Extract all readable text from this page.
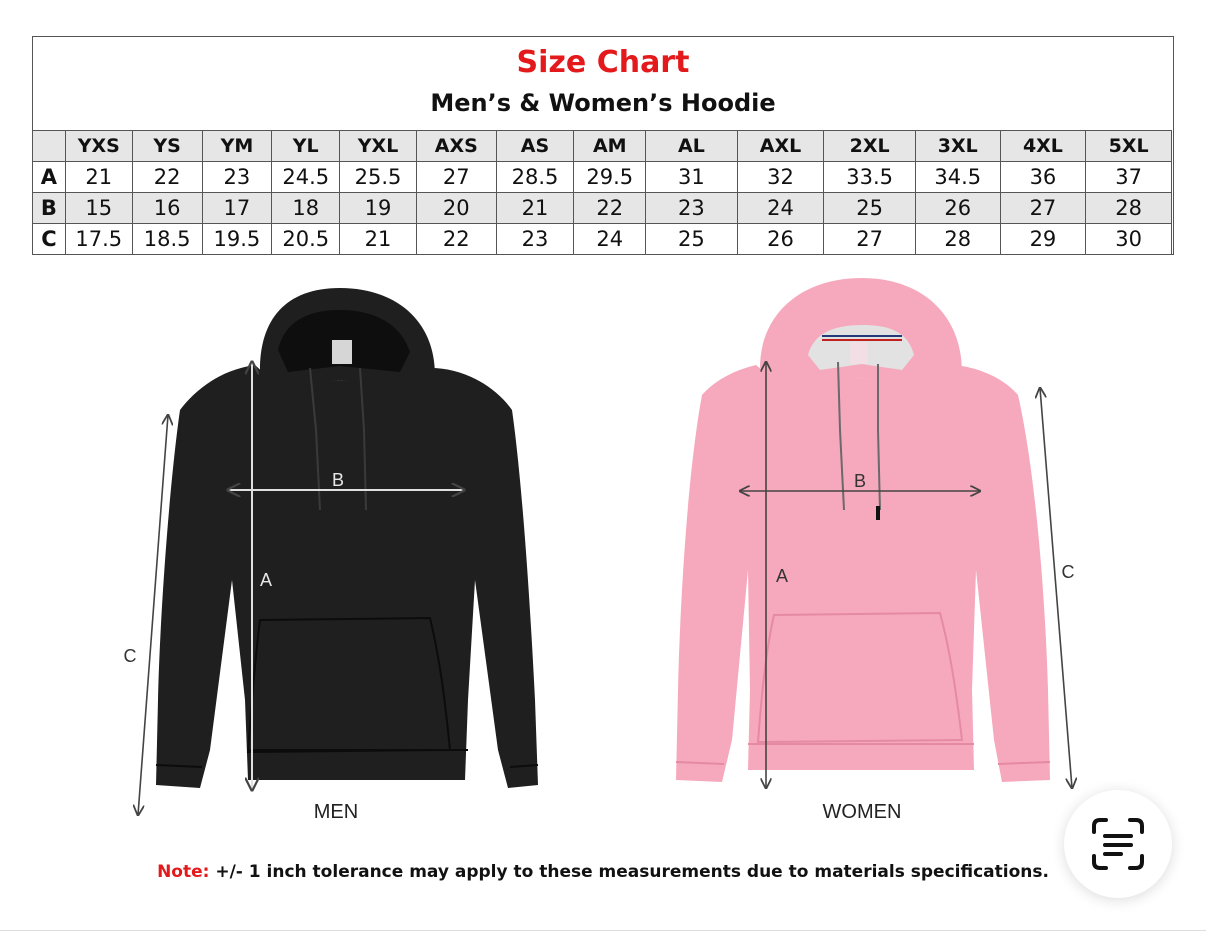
Size Chart
Men’s & Women’s Hoodie
	YXS	YS	YM	YL	YXL	AXS	AS	AM	AL	AXL	2XL	3XL	4XL	5XL
A	21	22	23	24.5	25.5	27	28.5	29.5	31	32	33.5	34.5	36	37
B	15	16	17	18	19	20	21	22	23	24	25	26	27	28
C	17.5	18.5	19.5	20.5	21	22	23	24	25	26	27	28	29	30
B
A
C
MEN
B
A	C
WOMEN
Note: +/- 1 inch tolerance may apply to these measurements due to materials specifications.
